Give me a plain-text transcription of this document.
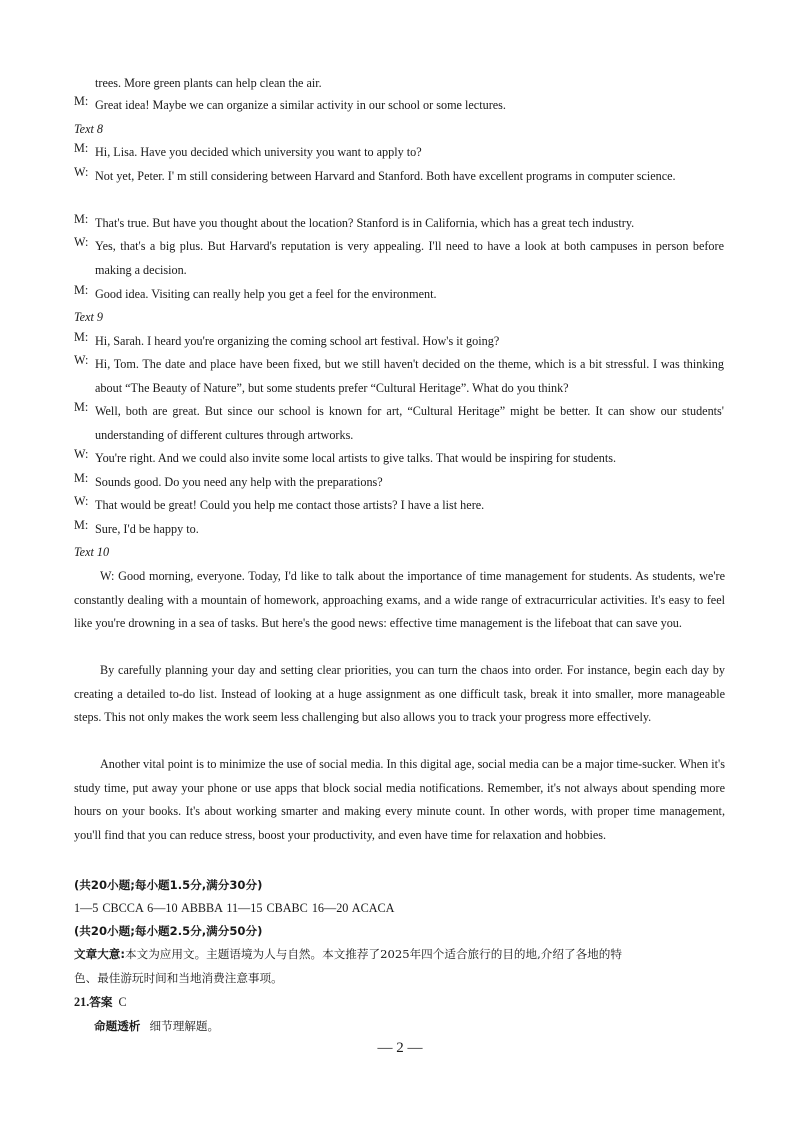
trees. More green plants can help clean the air.
M: Great idea! Maybe we can organize a similar activity in our school or some lectures.
Text 8
M: Hi, Lisa. Have you decided which university you want to apply to?
W: Not yet, Peter. I' m still considering between Harvard and Stanford. Both have excellent programs in computer science.
M: That's true. But have you thought about the location? Stanford is in California, which has a great tech industry.
W: Yes, that's a big plus. But Harvard's reputation is very appealing. I'll need to have a look at both campuses in person before making a decision.
M: Good idea. Visiting can really help you get a feel for the environment.
Text 9
M: Hi, Sarah. I heard you're organizing the coming school art festival. How's it going?
W: Hi, Tom. The date and place have been fixed, but we still haven't decided on the theme, which is a bit stressful. I was thinking about “The Beauty of Nature”, but some students prefer “Cultural Heritage”. What do you think?
M: Well, both are great. But since our school is known for art, “Cultural Heritage” might be better. It can show our students' understanding of different cultures through artworks.
W: You're right. And we could also invite some local artists to give talks. That would be inspiring for students.
M: Sounds good. Do you need any help with the preparations?
W: That would be great! Could you help me contact those artists? I have a list here.
M: Sure, I'd be happy to.
Text 10
W: Good morning, everyone. Today, I'd like to talk about the importance of time management for students. As students, we're constantly dealing with a mountain of homework, approaching exams, and a wide range of extracurricular activities. It's easy to feel like you're drowning in a sea of tasks. But here's the good news: effective time management is the lifeboat that can save you.
By carefully planning your day and setting clear priorities, you can turn the chaos into order. For instance, begin each day by creating a detailed to-do list. Instead of looking at a huge assignment as one difficult task, break it into smaller, more manageable steps. This not only makes the work seem less challenging but also allows you to track your progress more effectively.
Another vital point is to minimize the use of social media. In this digital age, social media can be a major time-sucker. When it's study time, put away your phone or use apps that block social media notifications. Remember, it's not always about spending more hours on your books. It's about working smarter and making every minute count. In other words, with proper time management, you'll find that you can reduce stress, boost your productivity, and even have time for relaxation and hobbies.
(共20小题;每小题1.5分,满分30分)
1—5 CBCCA 6—10 ABBBA 11—15 CBABC 16—20 ACACA
(共20小题;每小题2.5分,满分50分)
文章大意:本文为应用文。主题语境为人与自然。本文推荐了2025年四个适合旅行的目的地,介绍了各地的特
色、最佳游玩时间和当地消费注意事项。
21.答案 C
命题透析 细节理解题。
— 2 —
